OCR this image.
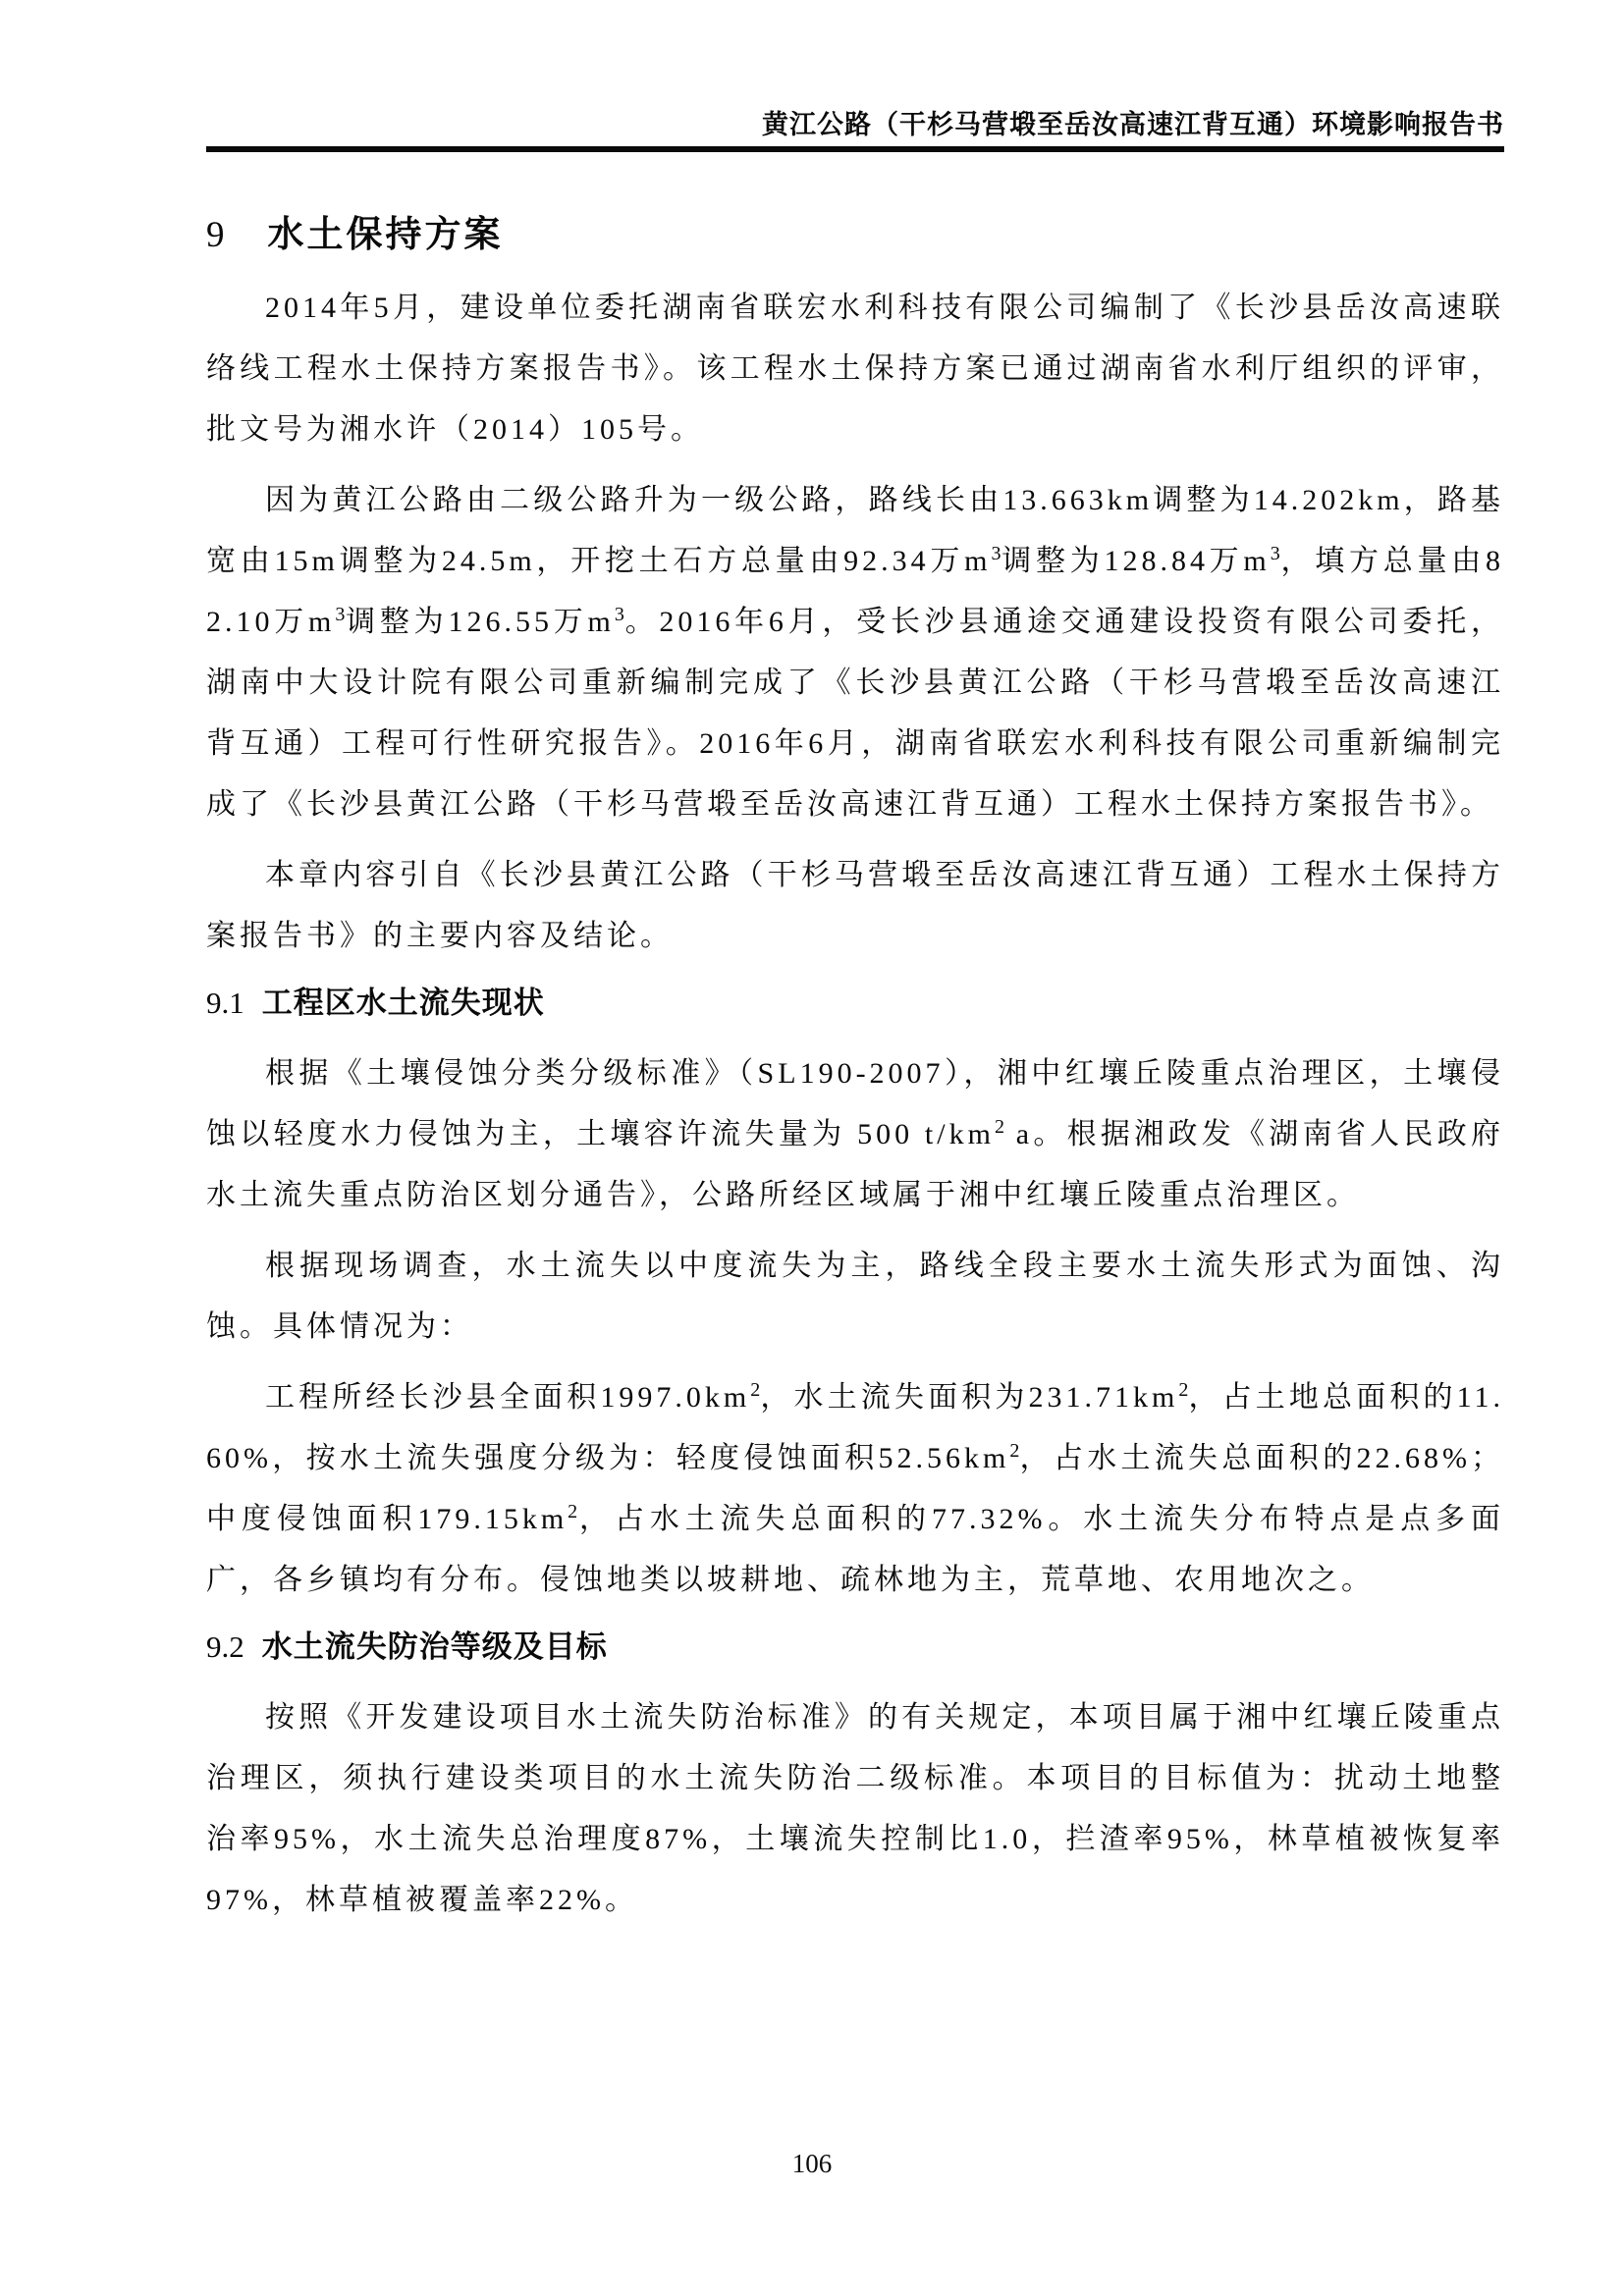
黄江公路（干杉马营塅至岳汝高速江背互通）环境影响报告书
9 水土保持方案

2014年5月，建设单位委托湖南省联宏水利科技有限公司编制了《长沙县岳汝高速联络线工程水土保持方案报告书》。该工程水土保持方案已通过湖南省水利厅组织的评审，批文号为湘水许（2014）105号。

因为黄江公路由二级公路升为一级公路，路线长由13.663km调整为14.202km，路基宽由15m调整为24.5m，开挖土石方总量由92.34万$m^3$调整为128.84万$m^3$，填方总量由82.10万$m^3$调整为126.55万$m^3$。2016年6月，受长沙县通途交通建设投资有限公司委托，湖南中大设计院有限公司重新编制完成了《长沙县黄江公路（干杉马营塅至岳汝高速江背互通）工程可行性研究报告》。2016年6月，湖南省联宏水利科技有限公司重新编制完成了《长沙县黄江公路（干杉马营塅至岳汝高速江背互通）工程水土保持方案报告书》。

本章内容引自《长沙县黄江公路（干杉马营塅至岳汝高速江背互通）工程水土保持方案报告书》的主要内容及结论。

9.1 工程区水土流失现状

根据《土壤侵蚀分类分级标准》（SL190-2007），湘中红壤丘陵重点治理区，土壤侵蚀以轻度水力侵蚀为主，土壤容许流失量为 500 $t/km^2$ a。根据湘政发《湖南省人民政府水土流失重点防治区划分通告》，公路所经区域属于湘中红壤丘陵重点治理区。

根据现场调查，水土流失以中度流失为主，路线全段主要水土流失形式为面蚀、沟蚀。具体情况为：

工程所经长沙县全面积$1997.0km^2$，水土流失面积为$231.71km^2$，占土地总面积的11.60%，按水土流失强度分级为：轻度侵蚀面积$52.56km^2$，占水土流失总面积的22.68%；中度侵蚀面积$179.15km^2$，占水土流失总面积的77.32%。水土流失分布特点是点多面广，各乡镇均有分布。侵蚀地类以坡耕地、疏林地为主，荒草地、农用地次之。

9.2 水土流失防治等级及目标

按照《开发建设项目水土流失防治标准》的有关规定，本项目属于湘中红壤丘陵重点治理区，须执行建设类项目的水土流失防治二级标准。本项目的目标值为：扰动土地整治率95%，水土流失总治理度87%，土壤流失控制比1.0，拦渣率95%，林草植被恢复率97%，林草植被覆盖率22%。

106
